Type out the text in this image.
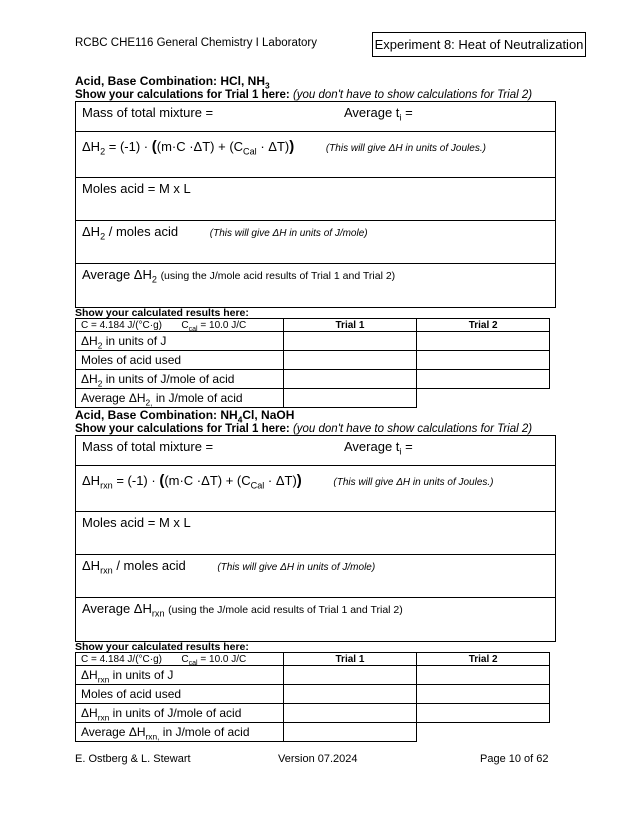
RCBC CHE116 General Chemistry I Laboratory	Experiment 8: Heat of Neutralization
Acid, Base Combination: HCl, $NH_3$
Show your calculations for Trial 1 here: (you don't have to show calculations for Trial 2)
Mass of total mixture =	Average $t_i$ =
$\Delta H_2 = (-1) \cdot ((m\cdot C \cdot\Delta T) + (C_{Cal} \cdot \Delta T))$	(This will give ΔH in units of Joules.)
Moles acid = M x L
$\Delta H_2$ / moles acid	(This will give ΔH in units of J/mole)
Average $\Delta H_2$ (using the J/mole acid results of Trial 1 and Trial 2)
Show your calculated results here:
C = 4.184 J/(°C·g)       $C_{cal} = 10.0$ J/C	Trial 1	Trial 2
$\Delta H_2$ in units of J		
Moles of acid used		
$\Delta H_2$ in units of J/mole of acid		
Average $\Delta H_{2,}$ in J/mole of acid		
Acid, Base Combination: $NH_4Cl$, NaOH
Show your calculations for Trial 1 here: (you don't have to show calculations for Trial 2)
Mass of total mixture =	Average $t_i$ =
$\Delta H_{rxn} = (-1) \cdot ((m\cdot C \cdot\Delta T) + (C_{Cal} \cdot \Delta T))$	(This will give ΔH in units of Joules.)
Moles acid = M x L
$\Delta H_{rxn}$ / moles acid	(This will give ΔH in units of J/mole)
Average $\Delta H_{rxn}$ (using the J/mole acid results of Trial 1 and Trial 2)
Show your calculated results here:
C = 4.184 J/(°C·g)       $C_{cal} = 10.0$ J/C	Trial 1	Trial 2
$\Delta H_{rxn}$ in units of J		
Moles of acid used		
$\Delta H_{rxn}$ in units of J/mole of acid		
Average $\Delta H_{rxn,}$ in J/mole of acid		
E. Ostberg & L. Stewart	Version 07.2024	Page 10 of 62
